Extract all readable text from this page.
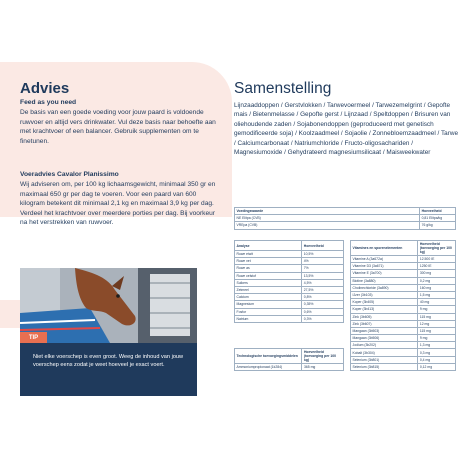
Advies
Feed as you need
De basis van een goede voeding voor jouw paard is voldoende ruwvoer en altijd vers drinkwater. Vul deze basis naar behoefte aan met krachtvoer of een balancer. Gebruik supplementen om te finetunen.
Voeradvies Cavalor Planissimo
Wij adviseren om, per 100 kg lichaamsgewicht, minimaal 350 gr en maximaal 650 gr per dag te voeren. Voor een paard van 600 kilogram betekent dit minimaal 2,1 kg en maximaal 3,9 kg per dag. Verdeel het krachtvoer over meerdere porties per dag. Bij voorkeur na het verstrekken van ruwvoer.
TIP
Niet elke voerschep is even groot. Weeg de inhoud van jouw voerschep eens zodat je weet hoeveel je exact voert.
Samenstelling
Lijnzaaddoppen / Gerstvlokken / Tarwevoermeel / Tarwezemelgrint / Gepofte mais / Bietenmelasse / Gepofte gerst / Lijnzaad / Speltdoppen / Brisuren van oliehoudende zaden / Sojabonendoppen (geproduceerd met genetisch gemodificeerde soja) / Koolzaadmeel / Sojaolie / Zonnebloemzaadmeel / Tarwe / Calciumcarbonaat / Natriumchloride / Fructo-oligosachariden / Magnesiumoxide / Gehydrateerd magnesiumsilicaat / Maisweekwater
Voedingswaarde	Hoeveelheid
NE Elitpa (CVB)	0,81 Elitpa/kg
VREpa (CVB)	76 g/kg
Analyse	Hoeveelheid
Ruwe eiwit	10,5%
Ruwe vet	4%
Ruwe as	7%
Ruwe celstof	13,5%
Suikers	4,5%
Zetmeel	27,5%
Calcium	0,8%
Magnesium	0,35%
Fosfor	0,6%
Natrium	0,3%
Technologische toevoegingsmiddelen	Hoeveelheid (toevoeging per 100 kg)
Ammoniumpropionaat (1k284)	365 mg
Vitamines en sporenelementen	Hoeveelheid (toevoeging per 100 kg)
Vitamine A (3a672a)	12.500 IE
Vitamine D3 (3a671)	1250 IE
Vitamine E (3a700)	300 mg
Biotine (3a880)	0,2 mg
Cholinechloride (3a890)	160 mg
IJzer (3b103)	1,5 mg
Koper (3b405)	40 mg
Koper (3b413)	9 mg
Zink (3b605)	115 mg
Zink (3b607)	12 mg
Mangaan (3b503)	115 mg
Mangaan (3b506)	9 mg
Jodium (3b202)	1,3 mg
Kobalt (3b304)	0,3 mg
Selenium (3b801)	0,4 mg
Selenium (3b815)	0,12 mg
